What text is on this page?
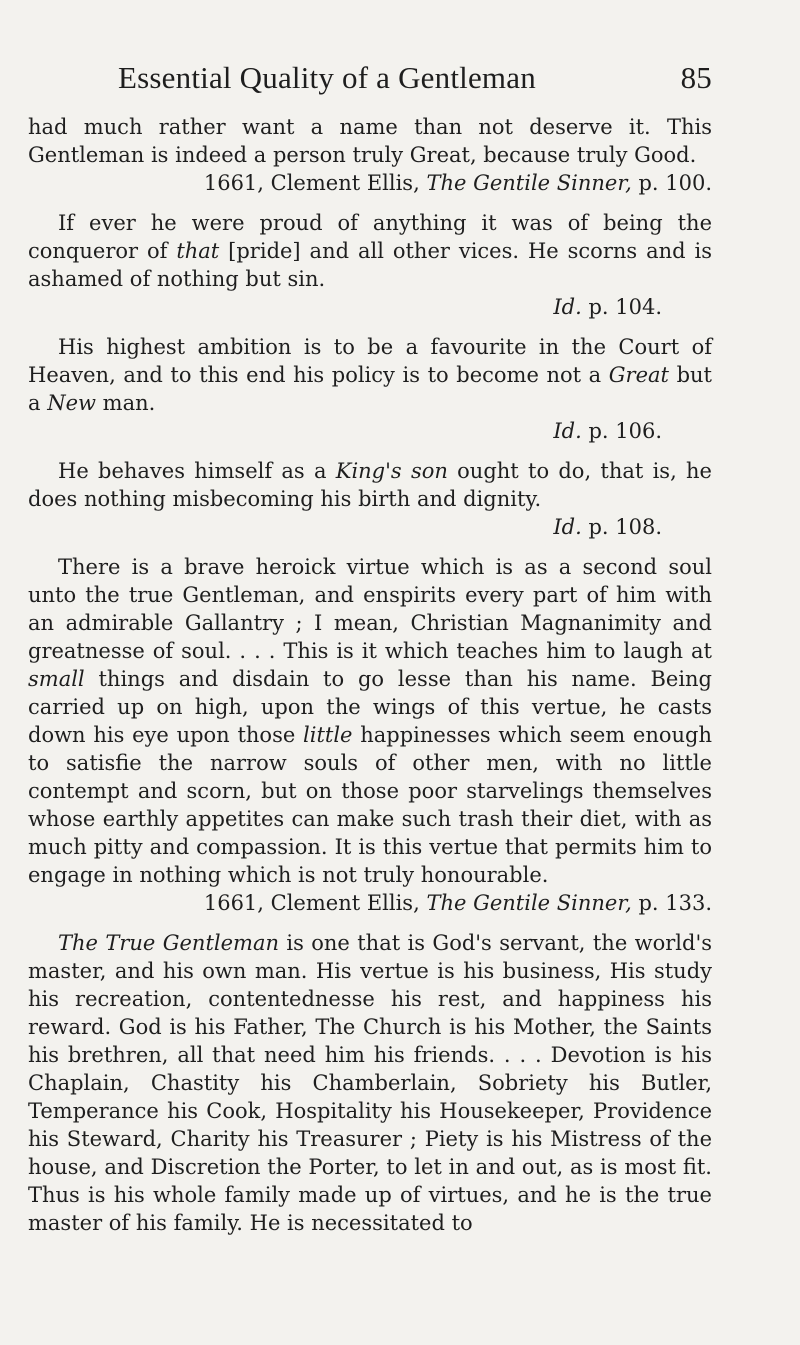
Essential Quality of a Gentleman	85

had much rather want a name than not deserve it. This Gentleman is indeed a person truly Great, because truly Good.

1661, Clement Ellis, The Gentile Sinner, p. 100.

If ever he were proud of anything it was of being the conqueror of that [pride] and all other vices. He scorns and is ashamed of nothing but sin.

Id. p. 104.

His highest ambition is to be a favourite in the Court of Heaven, and to this end his policy is to become not a Great but a New man.

Id. p. 106.

He behaves himself as a King's son ought to do, that is, he does nothing misbecoming his birth and dignity.

Id. p. 108.

There is a brave heroick virtue which is as a second soul unto the true Gentleman, and enspirits every part of him with an admirable Gallantry ; I mean, Christian Magnanimity and greatnesse of soul. . . . This is it which teaches him to laugh at small things and disdain to go lesse than his name. Being carried up on high, upon the wings of this vertue, he casts down his eye upon those little happinesses which seem enough to satisfie the narrow souls of other men, with no little contempt and scorn, but on those poor starvelings themselves whose earthly appetites can make such trash their diet, with as much pitty and compassion. It is this vertue that permits him to engage in nothing which is not truly honourable.

1661, Clement Ellis, The Gentile Sinner, p. 133.

The True Gentleman is one that is God's servant, the world's master, and his own man. His vertue is his business, His study his recreation, contentednesse his rest, and happiness his reward. God is his Father, The Church is his Mother, the Saints his brethren, all that need him his friends. . . . Devotion is his Chaplain, Chastity his Chamberlain, Sobriety his Butler, Temperance his Cook, Hospitality his Housekeeper, Providence his Steward, Charity his Treasurer ; Piety is his Mistress of the house, and Discretion the Porter, to let in and out, as is most fit. Thus is his whole family made up of virtues, and he is the true master of his family. He is necessitated to
